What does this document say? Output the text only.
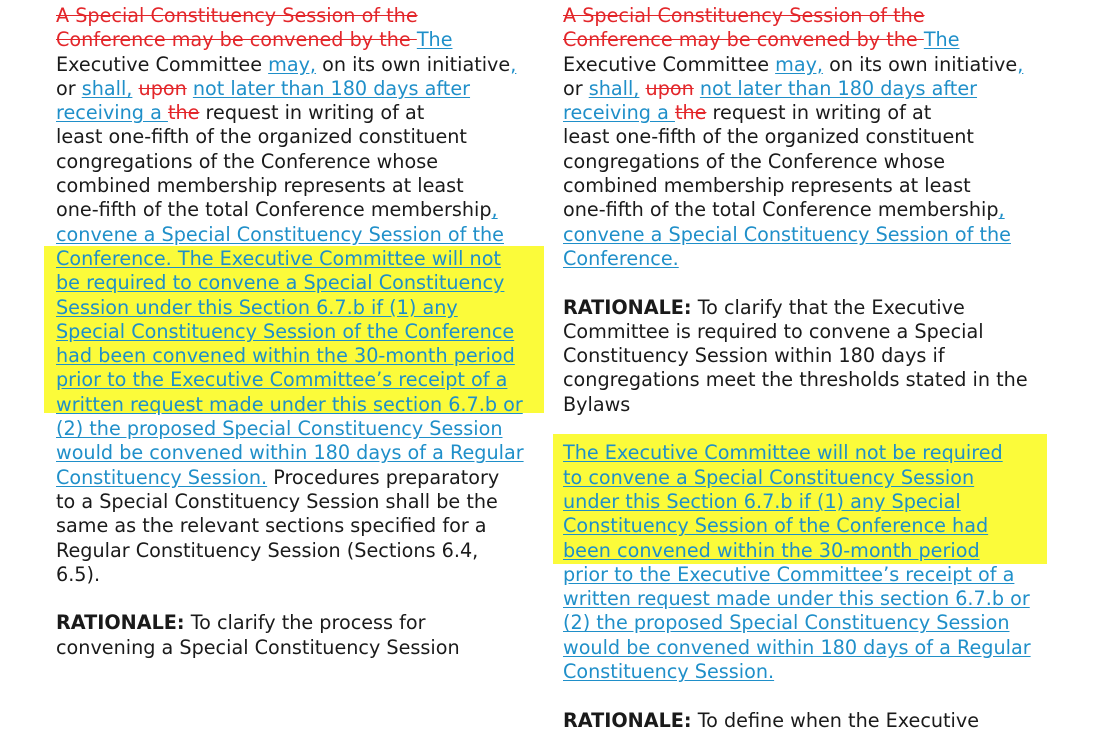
A Special Constituency Session of the
Conference may be convened by the The
Executive Committee may, on its own initiative,
or shall, upon not later than 180 days after
receiving a the request in writing of at
least one-fifth of the organized constituent
congregations of the Conference whose
combined membership represents at least
one-fifth of the total Conference membership,
convene a Special Constituency Session of the
Conference. The Executive Committee will not
be required to convene a Special Constituency
Session under this Section 6.7.b if (1) any
Special Constituency Session of the Conference
had been convened within the 30-month period
prior to the Executive Committee’s receipt of a
written request made under this section 6.7.b or
(2) the proposed Special Constituency Session
would be convened within 180 days of a Regular
Constituency Session. Procedures preparatory
to a Special Constituency Session shall be the
same as the relevant sections specified for a
Regular Constituency Session (Sections 6.4,
6.5).
RATIONALE: To clarify the process for
convening a Special Constituency Session
A Special Constituency Session of the
Conference may be convened by the The
Executive Committee may, on its own initiative,
or shall, upon not later than 180 days after
receiving a the request in writing of at
least one-fifth of the organized constituent
congregations of the Conference whose
combined membership represents at least
one-fifth of the total Conference membership,
convene a Special Constituency Session of the
Conference.
RATIONALE: To clarify that the Executive
Committee is required to convene a Special
Constituency Session within 180 days if
congregations meet the thresholds stated in the
Bylaws
The Executive Committee will not be required
to convene a Special Constituency Session
under this Section 6.7.b if (1) any Special
Constituency Session of the Conference had
been convened within the 30-month period
prior to the Executive Committee’s receipt of a
written request made under this section 6.7.b or
(2) the proposed Special Constituency Session
would be convened within 180 days of a Regular
Constituency Session.
RATIONALE: To define when the Executive
